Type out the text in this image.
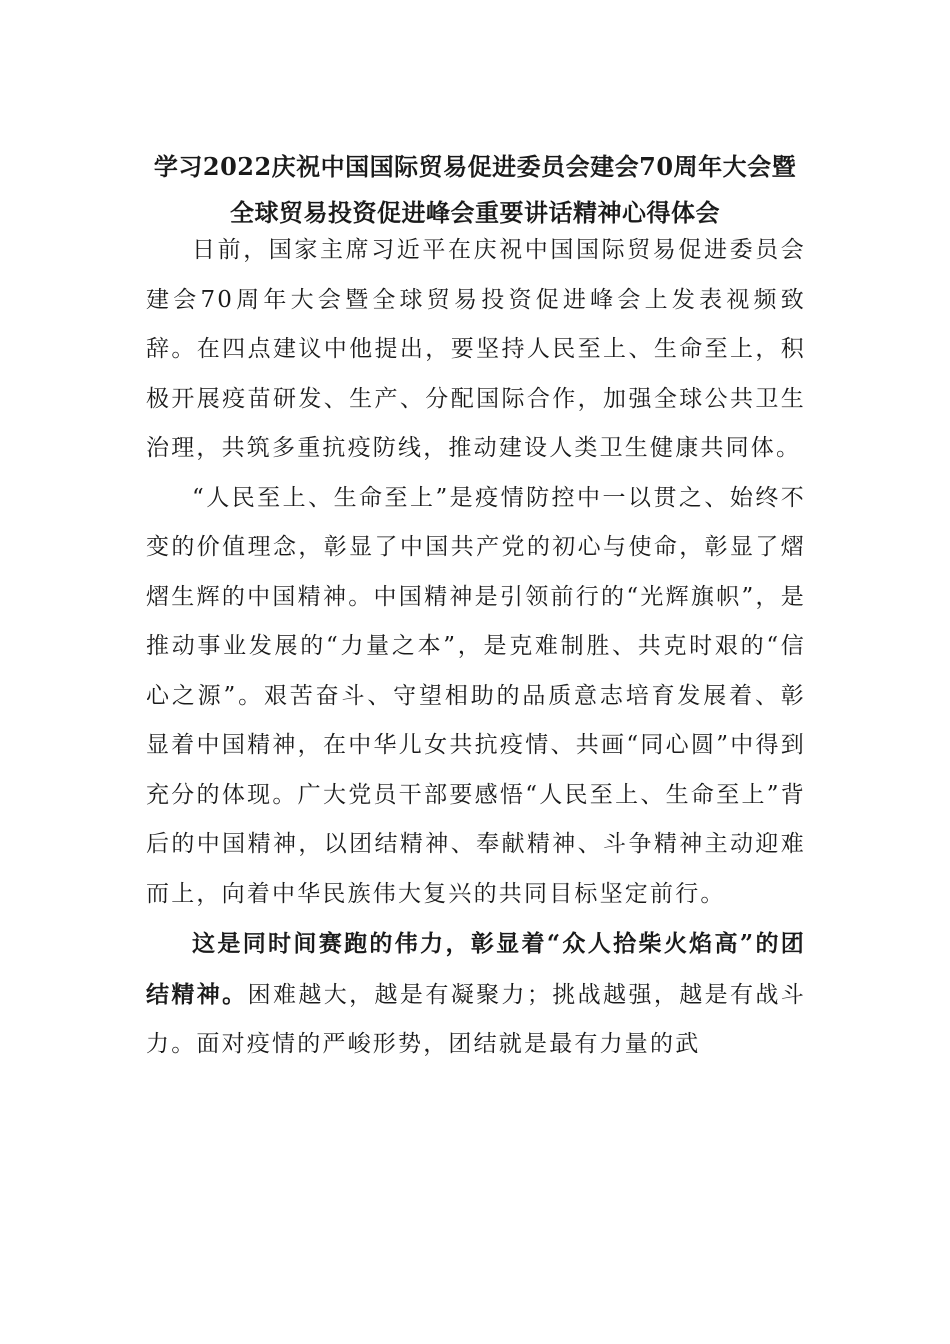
学习2022庆祝中国国际贸易促进委员会建会70周年大会暨
全球贸易投资促进峰会重要讲话精神心得体会

日前，国家主席习近平在庆祝中国国际贸易促进委员会建会70周年大会暨全球贸易投资促进峰会上发表视频致辞。在四点建议中他提出，要坚持人民至上、生命至上，积极开展疫苗研发、生产、分配国际合作，加强全球公共卫生治理，共筑多重抗疫防线，推动建设人类卫生健康共同体。

“人民至上、生命至上”是疫情防控中一以贯之、始终不变的价值理念，彰显了中国共产党的初心与使命，彰显了熠熠生辉的中国精神。中国精神是引领前行的“光辉旗帜”，是推动事业发展的“力量之本”，是克难制胜、共克时艰的“信心之源”。艰苦奋斗、守望相助的品质意志培育发展着、彰显着中国精神，在中华儿女共抗疫情、共画“同心圆”中得到充分的体现。广大党员干部要感悟“人民至上、生命至上”背后的中国精神，以团结精神、奉献精神、斗争精神主动迎难而上，向着中华民族伟大复兴的共同目标坚定前行。

这是同时间赛跑的伟力，彰显着“众人拾柴火焰高”的团结精神。困难越大，越是有凝聚力；挑战越强，越是有战斗力。面对疫情的严峻形势，团结就是最有力量的武
